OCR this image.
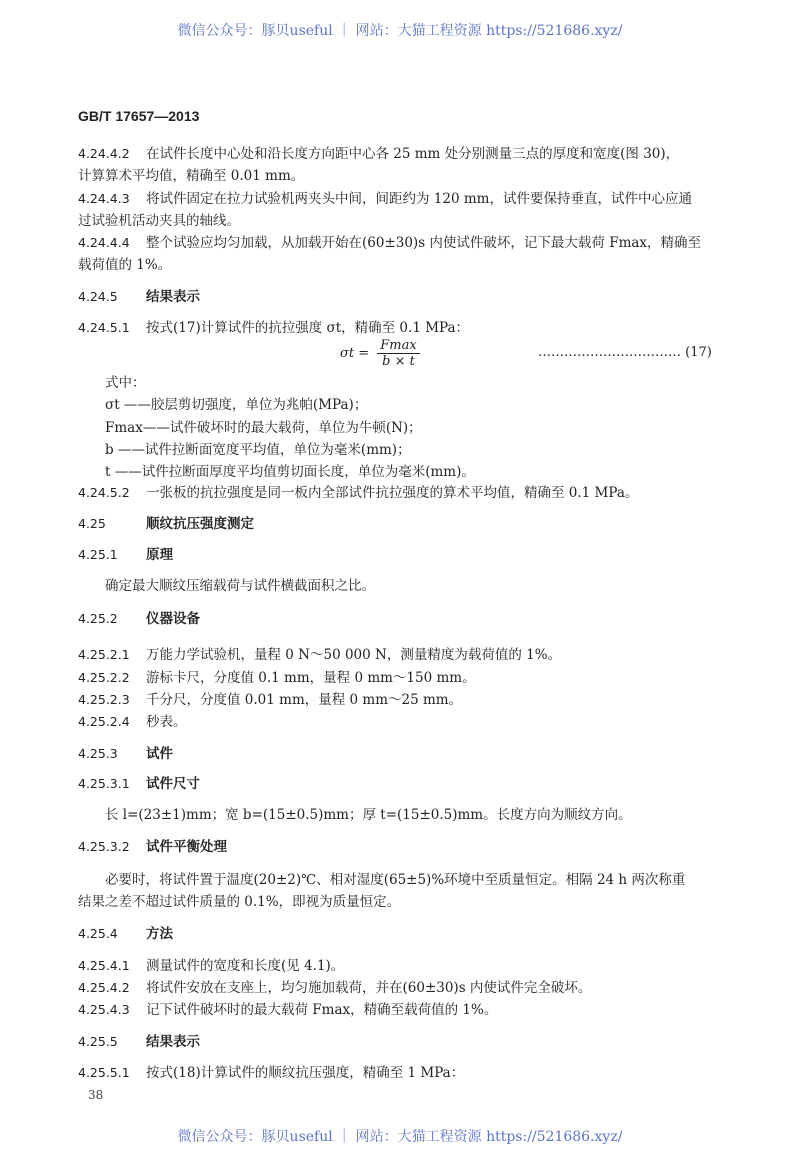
微信公众号：豚贝useful ｜ 网站：大猫工程资源 https://521686.xyz/
GB/T 17657—2013
4.24.4.2 在试件长度中心处和沿长度方向距中心各 25 mm 处分别测量三点的厚度和宽度(图 30)，
计算算术平均值，精确至 0.01 mm。
4.24.4.3 将试件固定在拉力试验机两夹头中间，间距约为 120 mm，试件要保持垂直，试件中心应通
过试验机活动夹具的轴线。
4.24.4.4 整个试验应均匀加载，从加载开始在(60±30)s 内使试件破坏，记下最大载荷 Fmax，精确至
载荷值的 1%。
4.24.5 结果表示
4.24.5.1 按式(17)计算试件的抗拉强度 σt，精确至 0.1 MPa：
$\sigma t = \frac{Fmax}{b \times t}$	…………………………… (17)
式中：
σt ——胶层剪切强度，单位为兆帕(MPa)；
Fmax——试件破坏时的最大载荷，单位为牛顿(N)；
b ——试件拉断面宽度平均值，单位为毫米(mm)；
t ——试件拉断面厚度平均值剪切面长度，单位为毫米(mm)。
4.24.5.2 一张板的抗拉强度是同一板内全部试件抗拉强度的算术平均值，精确至 0.1 MPa。
4.25	顺纹抗压强度测定
4.25.1 原理
确定最大顺纹压缩载荷与试件横截面积之比。
4.25.2 仪器设备
4.25.2.1 万能力学试验机，量程 0 N～50 000 N，测量精度为载荷值的 1%。
4.25.2.2 游标卡尺，分度值 0.1 mm，量程 0 mm～150 mm。
4.25.2.3 千分尺，分度值 0.01 mm，量程 0 mm～25 mm。
4.25.2.4 秒表。
4.25.3 试件
4.25.3.1 试件尺寸
长 l=(23±1)mm；宽 b=(15±0.5)mm；厚 t=(15±0.5)mm。长度方向为顺纹方向。
4.25.3.2 试件平衡处理
必要时，将试件置于温度(20±2)℃、相对湿度(65±5)%环境中至质量恒定。相隔 24 h 两次称重
结果之差不超过试件质量的 0.1%，即视为质量恒定。
4.25.4 方法
4.25.4.1 测量试件的宽度和长度(见 4.1)。
4.25.4.2 将试件安放在支座上，均匀施加载荷，并在(60±30)s 内使试件完全破坏。
4.25.4.3 记下试件破坏时的最大载荷 Fmax，精确至载荷值的 1%。
4.25.5 结果表示
4.25.5.1 按式(18)计算试件的顺纹抗压强度，精确至 1 MPa：
38
微信公众号：豚贝useful ｜ 网站：大猫工程资源 https://521686.xyz/
